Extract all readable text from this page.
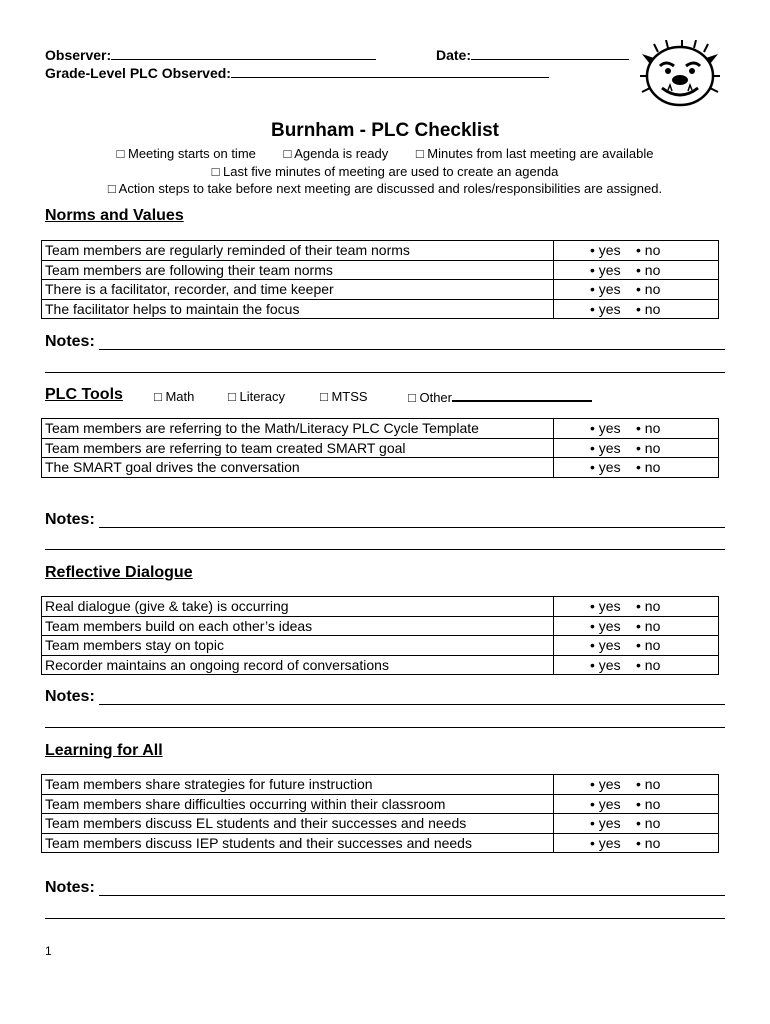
Observer:	Date:
Grade-Level PLC Observed:
Burnham - PLC Checklist
□ Meeting starts on time □ Agenda is ready □ Minutes from last meeting are available
□ Last five minutes of meeting are used to create an agenda
□ Action steps to take before next meeting are discussed and roles/responsibilities are assigned.
Norms and Values
Team members are regularly reminded of their team norms	• yes • no
Team members are following their team norms	• yes • no
There is a facilitator, recorder, and time keeper	• yes • no
The facilitator helps to maintain the focus	• yes • no
Notes:
PLC Tools □ Math	□ Literacy	□ MTSS	□ Other
Team members are referring to the Math/Literacy PLC Cycle Template	• yes • no
Team members are referring to team created SMART goal	• yes • no
The SMART goal drives the conversation	• yes • no
Notes:
Reflective Dialogue
Real dialogue (give & take) is occurring	• yes • no
Team members build on each other’s ideas	• yes • no
Team members stay on topic	• yes • no
Recorder maintains an ongoing record of conversations	• yes • no
Notes:
Learning for All
Team members share strategies for future instruction	• yes • no
Team members share difficulties occurring within their classroom	• yes • no
Team members discuss EL students and their successes and needs	• yes • no
Team members discuss IEP students and their successes and needs	• yes • no
Notes:
1
